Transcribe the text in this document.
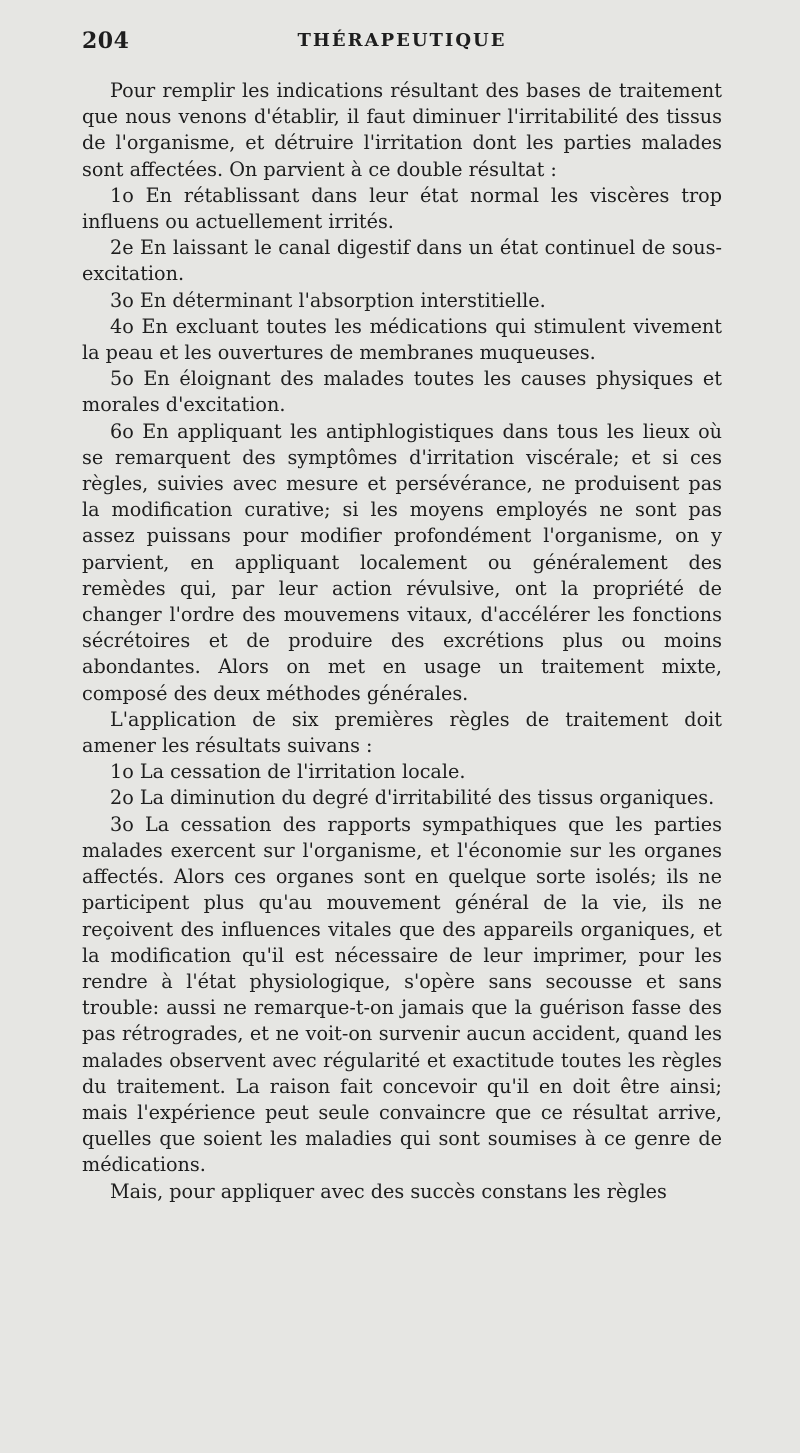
204	THÉRAPEUTIQUE

Pour remplir les indications résultant des bases de traitement que nous venons d'établir, il faut diminuer l'irritabilité des tissus de l'organisme, et détruire l'irritation dont les parties malades sont affectées. On parvient à ce double résultat :

1o En rétablissant dans leur état normal les viscères trop influens ou actuellement irrités.

2e En laissant le canal digestif dans un état continuel de sous-excitation.

3o En déterminant l'absorption interstitielle.

4o En excluant toutes les médications qui stimulent vivement la peau et les ouvertures de membranes muqueuses.

5o En éloignant des malades toutes les causes physiques et morales d'excitation.

6o En appliquant les antiphlogistiques dans tous les lieux où se remarquent des symptômes d'irritation viscérale; et si ces règles, suivies avec mesure et persévérance, ne produisent pas la modification curative; si les moyens employés ne sont pas assez puissans pour modifier profondément l'organisme, on y parvient, en appliquant localement ou généralement des remèdes qui, par leur action révulsive, ont la propriété de changer l'ordre des mouvemens vitaux, d'accélérer les fonctions sécrétoires et de produire des excrétions plus ou moins abondantes. Alors on met en usage un traitement mixte, composé des deux méthodes générales.

L'application de six premières règles de traitement doit amener les résultats suivans :

1o La cessation de l'irritation locale.

2o La diminution du degré d'irritabilité des tissus organiques.

3o La cessation des rapports sympathiques que les parties malades exercent sur l'organisme, et l'économie sur les organes affectés. Alors ces organes sont en quelque sorte isolés; ils ne participent plus qu'au mouvement général de la vie, ils ne reçoivent des influences vitales que des appareils organiques, et la modification qu'il est nécessaire de leur imprimer, pour les rendre à l'état physiologique, s'opère sans secousse et sans trouble: aussi ne remarque-t-on jamais que la guérison fasse des pas rétrogrades, et ne voit-on survenir aucun accident, quand les malades observent avec régularité et exactitude toutes les règles du traitement. La raison fait concevoir qu'il en doit être ainsi; mais l'expérience peut seule convaincre que ce résultat arrive, quelles que soient les maladies qui sont soumises à ce genre de médications.

Mais, pour appliquer avec des succès constans les règles
